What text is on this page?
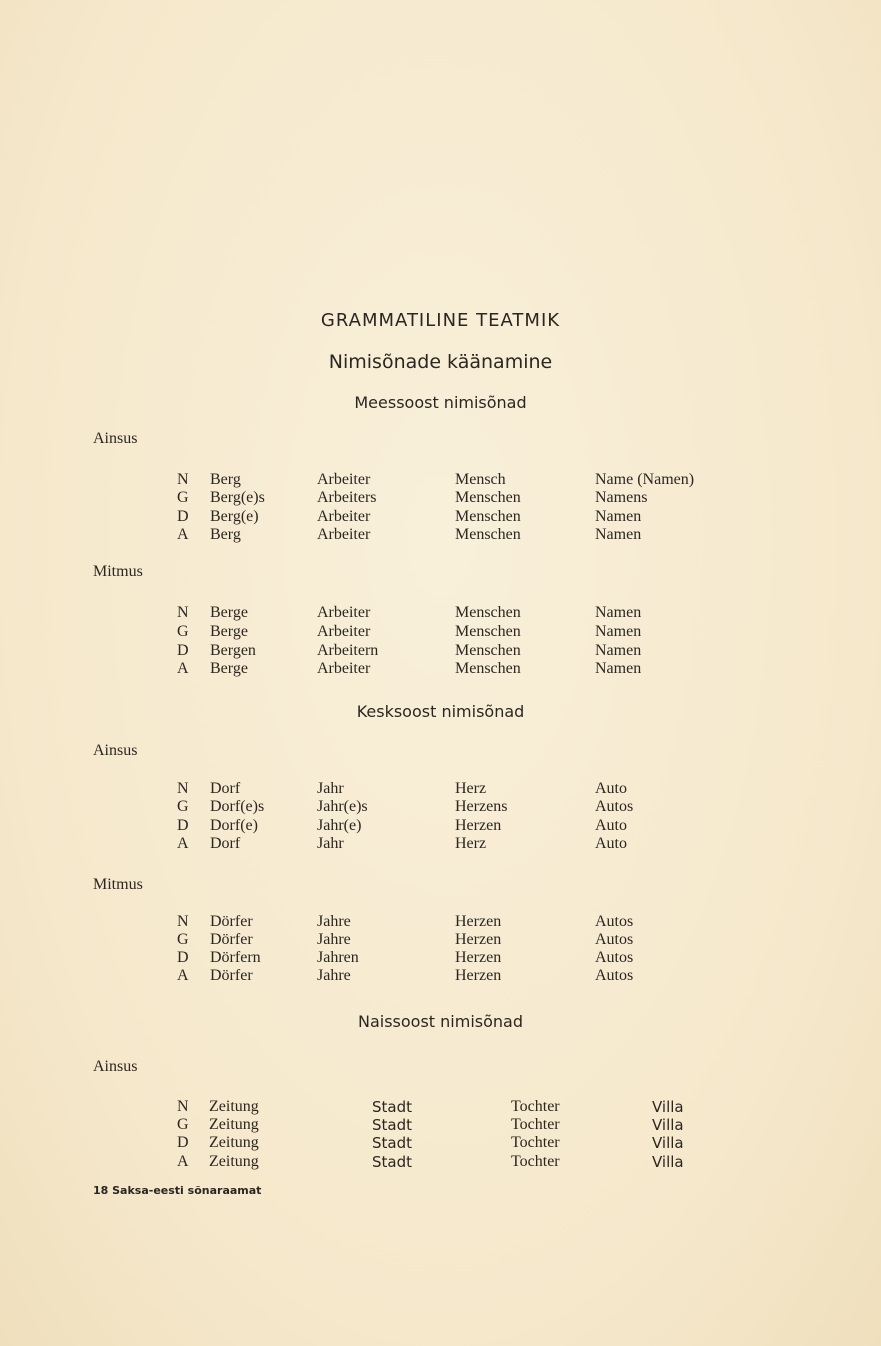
GRAMMATILINE TEATMIK
Nimisõnade käänamine
Meessoost nimisõnad
Ainsus
N Berg	Arbeiter	Mensch	Name (Namen)
G Berg(e)s	Arbeiters	Menschen	Namens
D Berg(e)	Arbeiter	Menschen	Namen
A Berg	Arbeiter	Menschen	Namen
Mitmus
N Berge	Arbeiter	Menschen	Namen
G Berge	Arbeiter	Menschen	Namen
D Bergen	Arbeitern	Menschen	Namen
A Berge	Arbeiter	Menschen	Namen
Kesksoost nimisõnad
Ainsus
N Dorf	Jahr	Herz	Auto
G Dorf(e)s	Jahr(e)s	Herzens	Autos
D Dorf(e)	Jahr(e)	Herzen	Auto
A Dorf	Jahr	Herz	Auto
Mitmus
N Dörfer	Jahre	Herzen	Autos
G Dörfer	Jahre	Herzen	Autos
D Dörfern	Jahren	Herzen	Autos
A Dörfer	Jahre	Herzen	Autos
Naissoost nimisõnad
Ainsus
N Zeitung	Stadt	Tochter	Villa
G Zeitung	Stadt	Tochter	Villa
D Zeitung	Stadt	Tochter	Villa
A Zeitung	Stadt	Tochter	Villa
18 Saksa-eesti sõnaraamat
